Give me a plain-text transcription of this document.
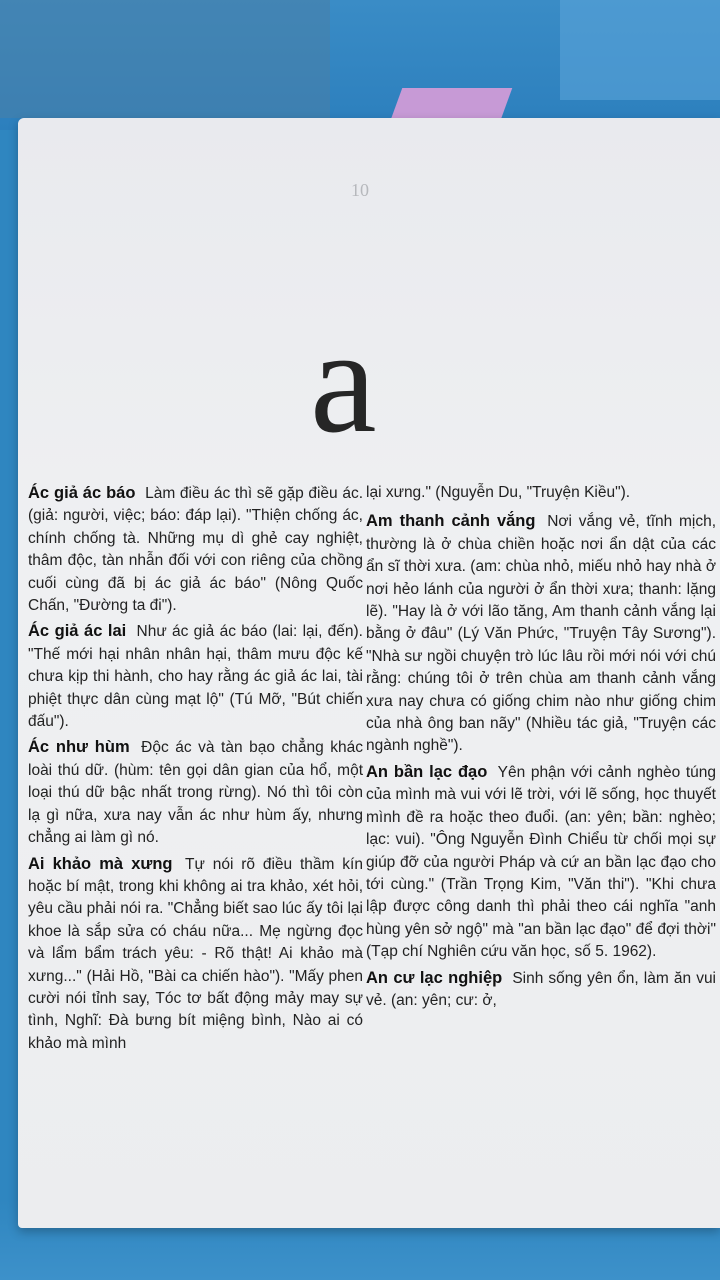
10
a

Ác giả ác báo Làm điều ác thì sẽ gặp điều ác. (giả: người, việc; báo: đáp lại). "Thiện chống ác, chính chống tà. Những mụ dì ghẻ cay nghiệt, thâm độc, tàn nhẫn đối với con riêng của chồng cuối cùng đã bị ác giả ác báo" (Nông Quốc Chấn, "Đường ta đi").

Ác giả ác lai Như ác giả ác báo (lai: lại, đến). "Thế mới hại nhân nhân hại, thâm mưu độc kế chưa kịp thi hành, cho hay rằng ác giả ác lai, tài phiệt thực dân cùng mạt lộ" (Tú Mỡ, "Bút chiến đấu").

Ác như hùm Độc ác và tàn bạo chẳng khác loài thú dữ. (hùm: tên gọi dân gian của hổ, một loại thú dữ bậc nhất trong rừng). Nó thì tôi còn lạ gì nữa, xưa nay vẫn ác như hùm ấy, nhưng chẳng ai làm gì nó.

Ai khảo mà xưng Tự nói rõ điều thầm kín hoặc bí mật, trong khi không ai tra khảo, xét hỏi, yêu cầu phải nói ra. "Chẳng biết sao lúc ấy tôi lại khoe là sắp sửa có cháu nữa... Mẹ ngừng đọc và lẩm bẩm trách yêu: - Rõ thật! Ai khảo mà xưng..." (Hải Hồ, "Bài ca chiến hào"). "Mấy phen cười nói tỉnh say, Tóc tơ bất động mảy may sự tình, Nghĩ: Đà bưng bít miệng bình, Nào ai có khảo mà mình

lại xưng." (Nguyễn Du, "Truyện Kiều").

Am thanh cảnh vắng Nơi vắng vẻ, tĩnh mịch, thường là ở chùa chiền hoặc nơi ẩn dật của các ẩn sĩ thời xưa. (am: chùa nhỏ, miếu nhỏ hay nhà ở nơi hẻo lánh của người ở ẩn thời xưa; thanh: lặng lẽ). "Hay là ở với lão tăng, Am thanh cảnh vắng lại bằng ở đâu" (Lý Văn Phức, "Truyện Tây Sương"). "Nhà sư ngồi chuyện trò lúc lâu rồi mới nói với chú rằng: chúng tôi ở trên chùa am thanh cảnh vắng xưa nay chưa có giống chim nào như giống chim của nhà ông ban nãy" (Nhiều tác giả, "Truyện các ngành nghề").

An bần lạc đạo Yên phận với cảnh nghèo túng của mình mà vui với lẽ trời, với lẽ sống, học thuyết mình đề ra hoặc theo đuổi. (an: yên; bần: nghèo; lạc: vui). "Ông Nguyễn Đình Chiểu từ chối mọi sự giúp đỡ của người Pháp và cứ an bần lạc đạo cho tới cùng." (Trần Trọng Kim, "Văn thi"). "Khi chưa lập được công danh thì phải theo cái nghĩa "anh hùng yên sở ngộ" mà "an bần lạc đạo" để đợi thời" (Tạp chí Nghiên cứu văn học, số 5. 1962).

An cư lạc nghiệp Sinh sống yên ổn, làm ăn vui vẻ. (an: yên; cư: ở,
